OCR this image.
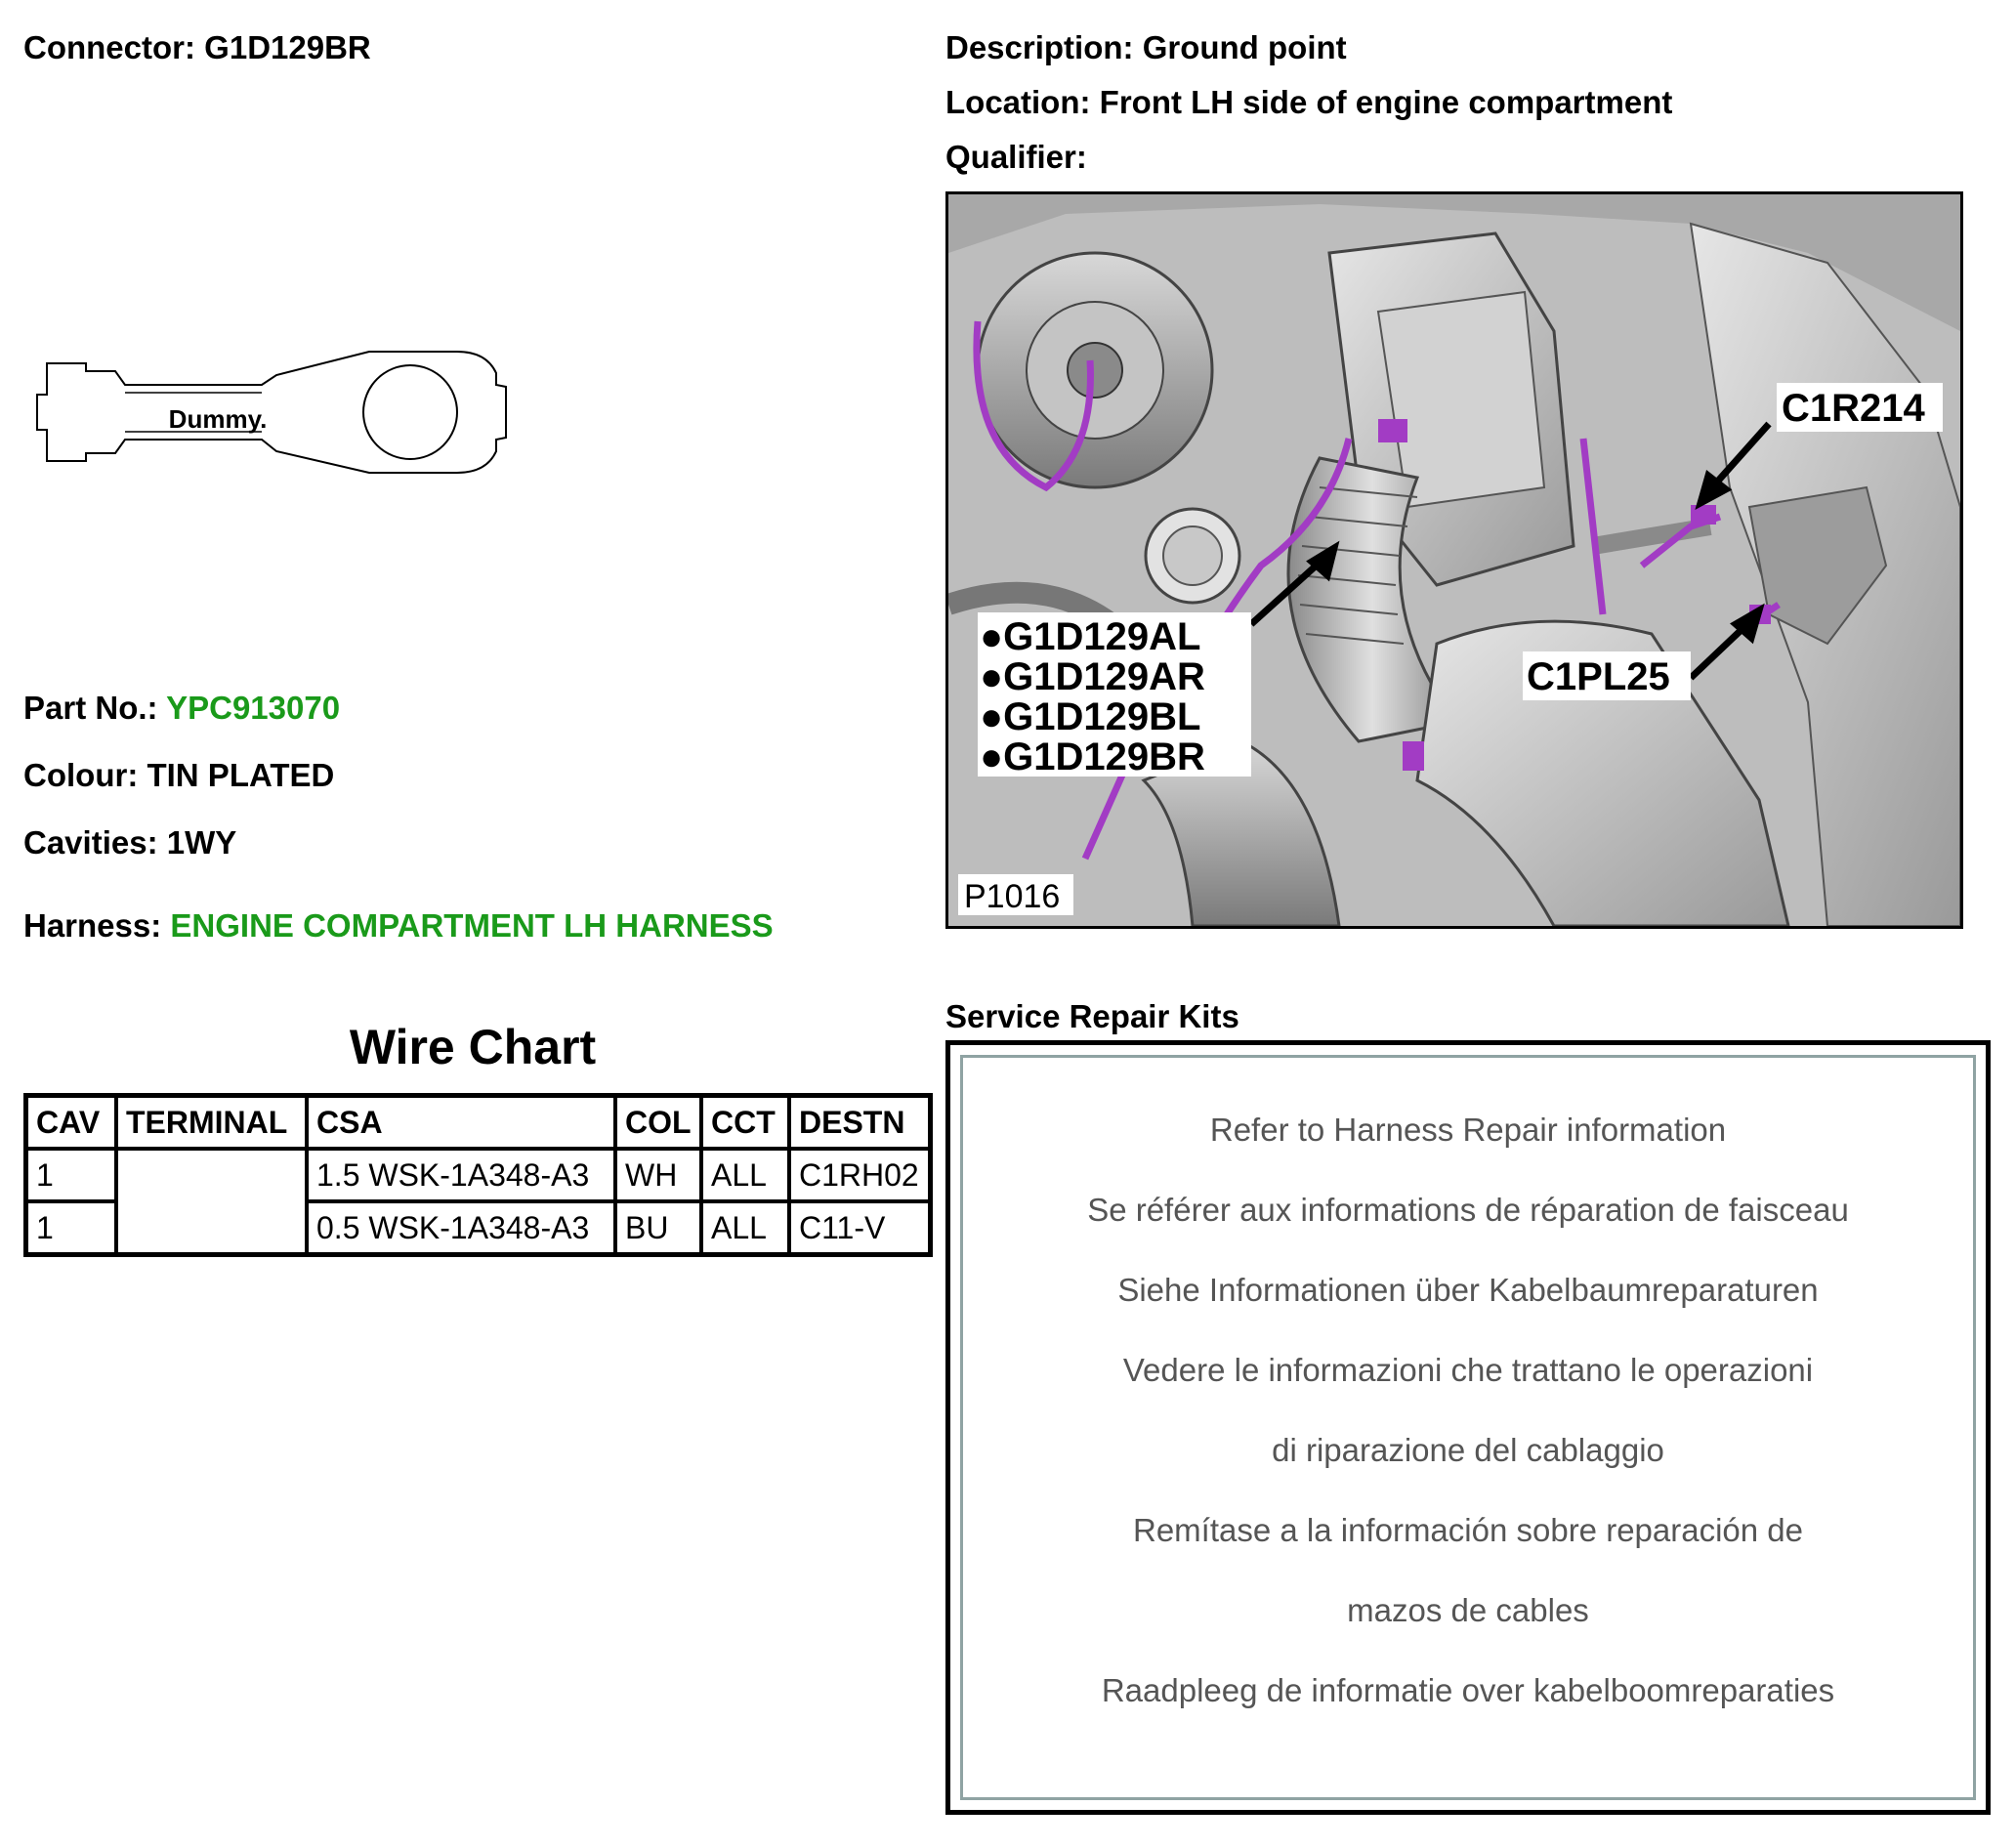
Connector: G1D129BR	Description: Ground point
Location: Front LH side of engine compartment
Qualifier:
Dummy.
Part No.: YPC913070
Colour: TIN PLATED
Cavities: 1WY
Harness: ENGINE COMPARTMENT LH HARNESS
Wire Chart
CAV	TERMINAL	CSA	COL	CCT	DESTN
1		1.5 WSK-1A348-A3	WH	ALL	C1RH02
1		0.5 WSK-1A348-A3	BU	ALL	C11-V
C1R214
C1PL25
●G1D129AL
●G1D129AR
●G1D129BL
●G1D129BR
P1016
Service Repair Kits
Refer to Harness Repair information
Se référer aux informations de réparation de faisceau
Siehe Informationen über Kabelbaumreparaturen
Vedere le informazioni che trattano le operazioni
di riparazione del cablaggio
Remítase a la información sobre reparación de
mazos de cables
Raadpleeg de informatie over kabelboomreparaties
